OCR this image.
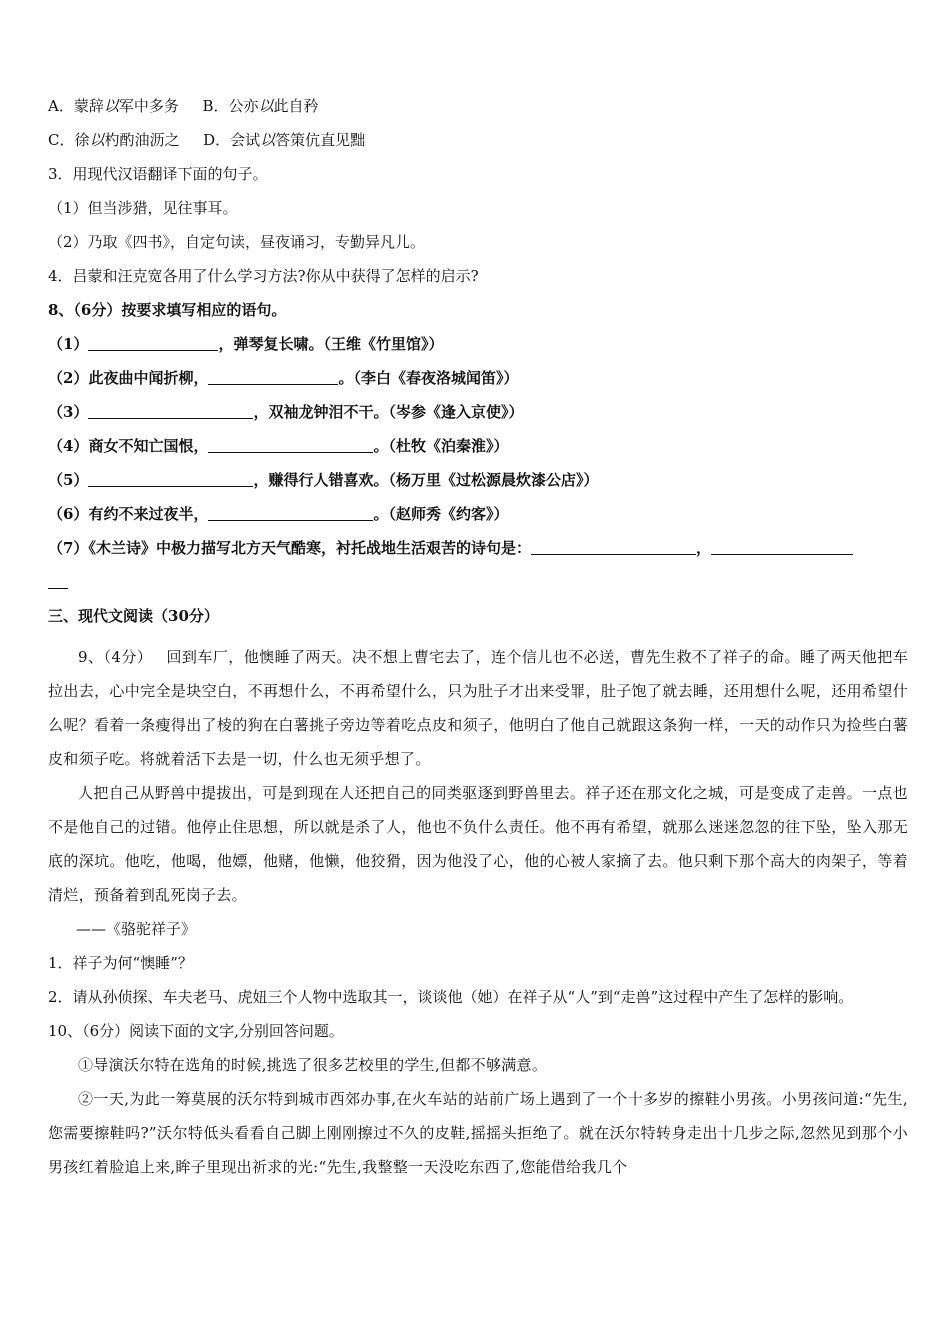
A．蒙辞以军中多务 B．公亦以此自矜
C．徐以杓酌油沥之 D．会试以答策伉直见黜
3．用现代汉语翻译下面的句子。
（1）但当涉猎，见往事耳。
（2）乃取《四书》，自定句读，昼夜诵习，专勤异凡儿。
4．吕蒙和汪克宽各用了什么学习方法?你从中获得了怎样的启示?
8、（6分）按要求填写相应的语句。
（1）	，弹琴复长啸。（王维《竹里馆》）
（2）此夜曲中闻折柳，	。（李白《春夜洛城闻笛》）
（3）	，双袖龙钟泪不干。（岑参《逢入京使》）
（4）商女不知亡国恨，	。（杜牧《泊秦淮》）
（5）	，赚得行人错喜欢。（杨万里《过松源晨炊漆公店》）
（6）有约不来过夜半，	。（赵师秀《约客》）
（7）《木兰诗》中极力描写北方天气酷寒，衬托战地生活艰苦的诗句是：	，
三、现代文阅读（30分）
9、（4分） 回到车厂，他懊睡了两天。决不想上曹宅去了，连个信儿也不必送，曹先生救不了祥子的命。睡了两天他把车拉出去，心中完全是块空白，不再想什么，不再希望什么，只为肚子才出来受罪，肚子饱了就去睡，还用想什么呢，还用希望什么呢？看着一条瘦得出了棱的狗在白薯挑子旁边等着吃点皮和须子，他明白了他自己就跟这条狗一样，一天的动作只为捡些白薯皮和须子吃。将就着活下去是一切，什么也无须乎想了。
人把自己从野兽中提拔出，可是到现在人还把自己的同类驱逐到野兽里去。祥子还在那文化之城，可是变成了走兽。一点也不是他自己的过错。他停止住思想，所以就是杀了人，他也不负什么责任。他不再有希望，就那么迷迷忽忽的往下坠，坠入那无底的深坑。他吃，他喝，他嫖，他赌，他懒，他狡猾，因为他没了心，他的心被人家摘了去。他只剩下那个高大的肉架子，等着清烂，预备着到乱死岗子去。
——《骆驼祥子》
1．祥子为何“懊睡”？
2．请从孙侦探、车夫老马、虎妞三个人物中选取其一，谈谈他（她）在祥子从“人”到“走兽”这过程中产生了怎样的影响。
10、（6分）阅读下面的文字,分别回答问题。
①导演沃尔特在选角的时候,挑选了很多艺校里的学生,但都不够满意。
②一天,为此一筹莫展的沃尔特到城市西郊办事,在火车站的站前广场上遇到了一个十多岁的擦鞋小男孩。小男孩问道:“先生,您需要擦鞋吗?”沃尔特低头看看自己脚上刚刚擦过不久的皮鞋,摇摇头拒绝了。就在沃尔特转身走出十几步之际,忽然见到那个小男孩红着脸追上来,眸子里现出祈求的光:“先生,我整整一天没吃东西了,您能借给我几个
